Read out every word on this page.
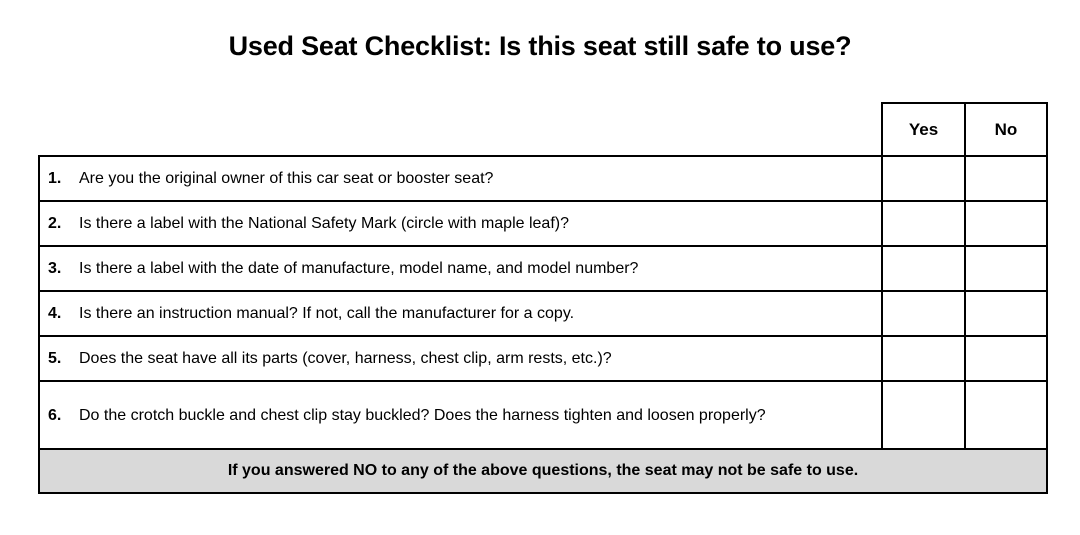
Used Seat Checklist: Is this seat still safe to use?
	Yes	No

1. Are you the original owner of this car seat or booster seat?		

2. Is there a label with the National Safety Mark (circle with maple leaf)?		

3. Is there a label with the date of manufacture, model name, and model number?		

4. Is there an instruction manual? If not, call the manufacturer for a copy.		

5. Does the seat have all its parts (cover, harness, chest clip, arm rests, etc.)?		

6. Do the crotch buckle and chest clip stay buckled? Does the harness tighten and loosen properly?		

If you answered NO to any of the above questions, the seat may not be safe to use.		
